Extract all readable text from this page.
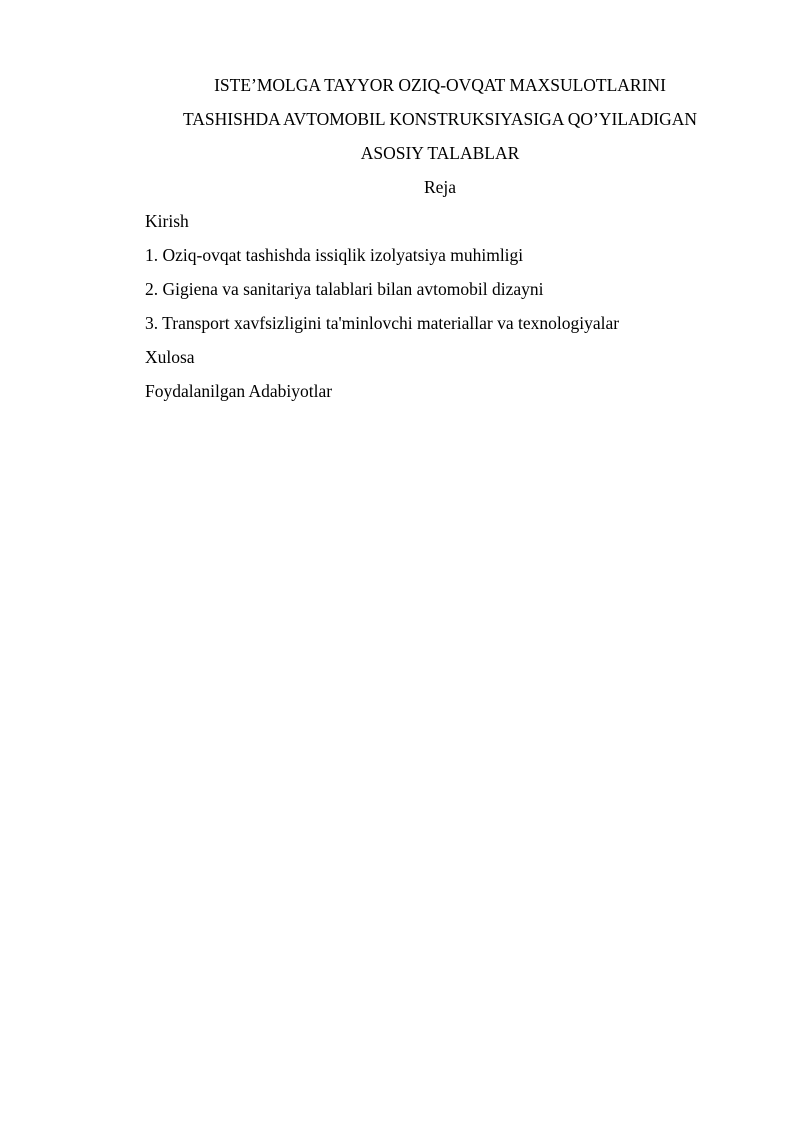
ISTE’MOLGA TAYYOR OZIQ-OVQAT MAXSULOTLARINI
TASHISHDA AVTOMOBIL KONSTRUKSIYASIGA QO’YILADIGAN
ASOSIY TALABLAR
Reja
Kirish
1. Oziq-ovqat tashishda issiqlik izolyatsiya muhimligi
2. Gigiena va sanitariya talablari bilan avtomobil dizayni
3. Transport xavfsizligini ta'minlovchi materiallar va texnologiyalar
Xulosa
Foydalanilgan Adabiyotlar
